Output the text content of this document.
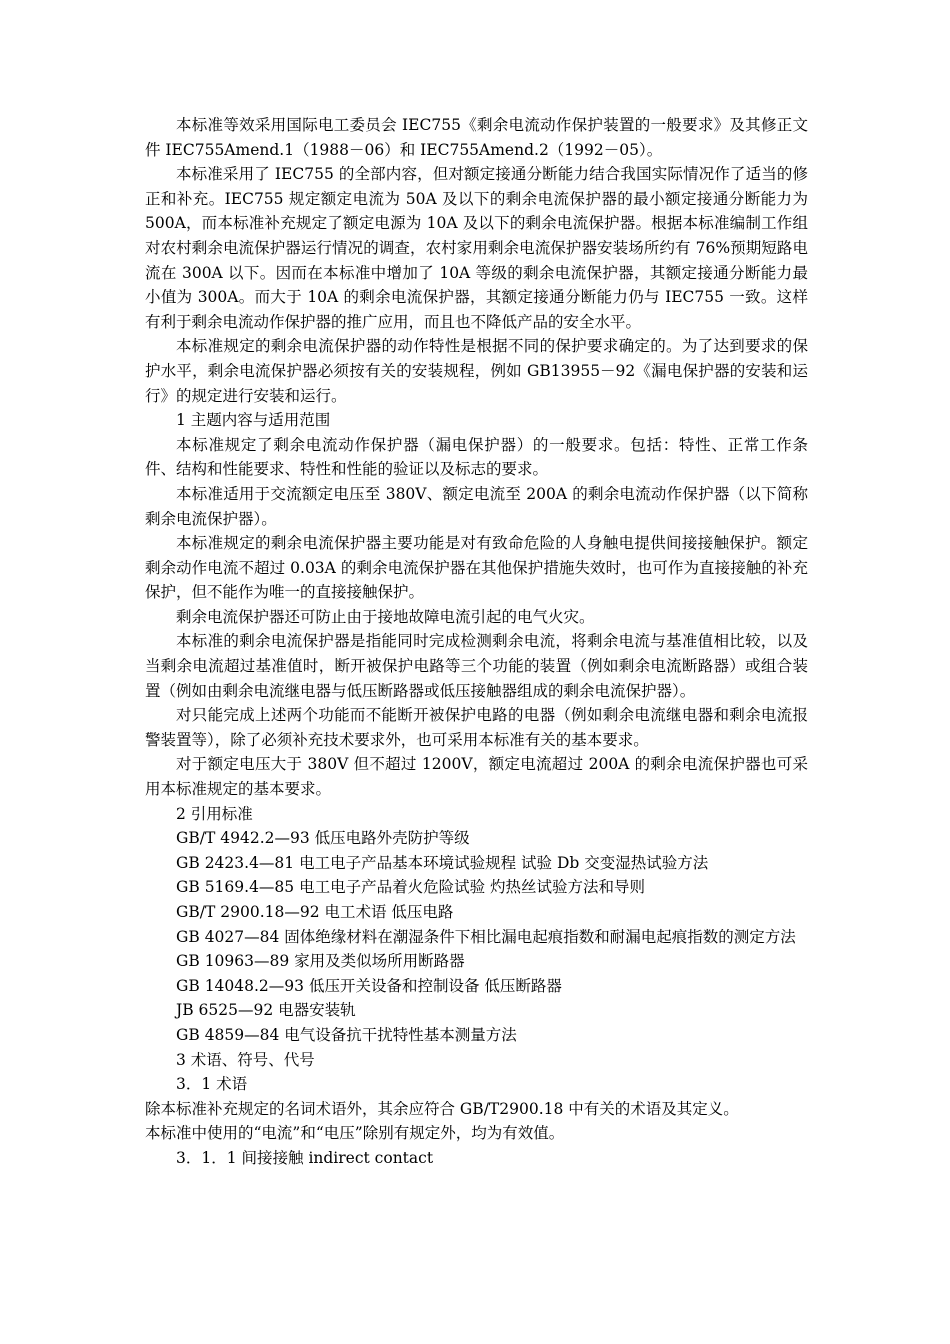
本标准等效采用国际电工委员会 IEC755《剩余电流动作保护装置的一般要求》及其修正文件 IEC755Amend.1（1988－06）和 IEC755Amend.2（1992－05）。

本标准采用了 IEC755 的全部内容，但对额定接通分断能力结合我国实际情况作了适当的修正和补充。IEC755 规定额定电流为 50A 及以下的剩余电流保护器的最小额定接通分断能力为 500A，而本标准补充规定了额定电源为 10A 及以下的剩余电流保护器。根据本标准编制工作组对农村剩余电流保护器运行情况的调查，农村家用剩余电流保护器安装场所约有 76%预期短路电流在 300A 以下。因而在本标准中增加了 10A 等级的剩余电流保护器，其额定接通分断能力最小值为 300A。而大于 10A 的剩余电流保护器，其额定接通分断能力仍与 IEC755 一致。这样有利于剩余电流动作保护器的推广应用，而且也不降低产品的安全水平。

本标准规定的剩余电流保护器的动作特性是根据不同的保护要求确定的。为了达到要求的保护水平，剩余电流保护器必须按有关的安装规程，例如 GB13955－92《漏电保护器的安装和运行》的规定进行安装和运行。

1 主题内容与适用范围

本标准规定了剩余电流动作保护器（漏电保护器）的一般要求。包括：特性、正常工作条件、结构和性能要求、特性和性能的验证以及标志的要求。

本标准适用于交流额定电压至 380V、额定电流至 200A 的剩余电流动作保护器（以下简称剩余电流保护器）。

本标准规定的剩余电流保护器主要功能是对有致命危险的人身触电提供间接接触保护。额定剩余动作电流不超过 0.03A 的剩余电流保护器在其他保护措施失效时，也可作为直接接触的补充保护，但不能作为唯一的直接接触保护。

剩余电流保护器还可防止由于接地故障电流引起的电气火灾。

本标准的剩余电流保护器是指能同时完成检测剩余电流，将剩余电流与基准值相比较，以及当剩余电流超过基准值时，断开被保护电路等三个功能的装置（例如剩余电流断路器）或组合装置（例如由剩余电流继电器与低压断路器或低压接触器组成的剩余电流保护器）。

对只能完成上述两个功能而不能断开被保护电路的电器（例如剩余电流继电器和剩余电流报警装置等），除了必须补充技术要求外，也可采用本标准有关的基本要求。

对于额定电压大于 380V 但不超过 1200V，额定电流超过 200A 的剩余电流保护器也可采用本标准规定的基本要求。

2 引用标准

GB/T 4942.2—93 低压电路外壳防护等级

GB 2423.4—81 电工电子产品基本环境试验规程 试验 Db 交变湿热试验方法

GB 5169.4—85 电工电子产品着火危险试验 灼热丝试验方法和导则

GB/T 2900.18—92 电工术语 低压电路

GB 4027—84 固体绝缘材料在潮湿条件下相比漏电起痕指数和耐漏电起痕指数的测定方法

GB 10963—89 家用及类似场所用断路器

GB 14048.2—93 低压开关设备和控制设备 低压断路器

JB 6525—92 电器安装轨

GB 4859—84 电气设备抗干扰特性基本测量方法

3 术语、符号、代号

3．1 术语

除本标准补充规定的名词术语外，其余应符合 GB/T2900.18 中有关的术语及其定义。

本标准中使用的“电流”和“电压”除别有规定外，均为有效值。

3．1．1 间接接触 indirect contact
